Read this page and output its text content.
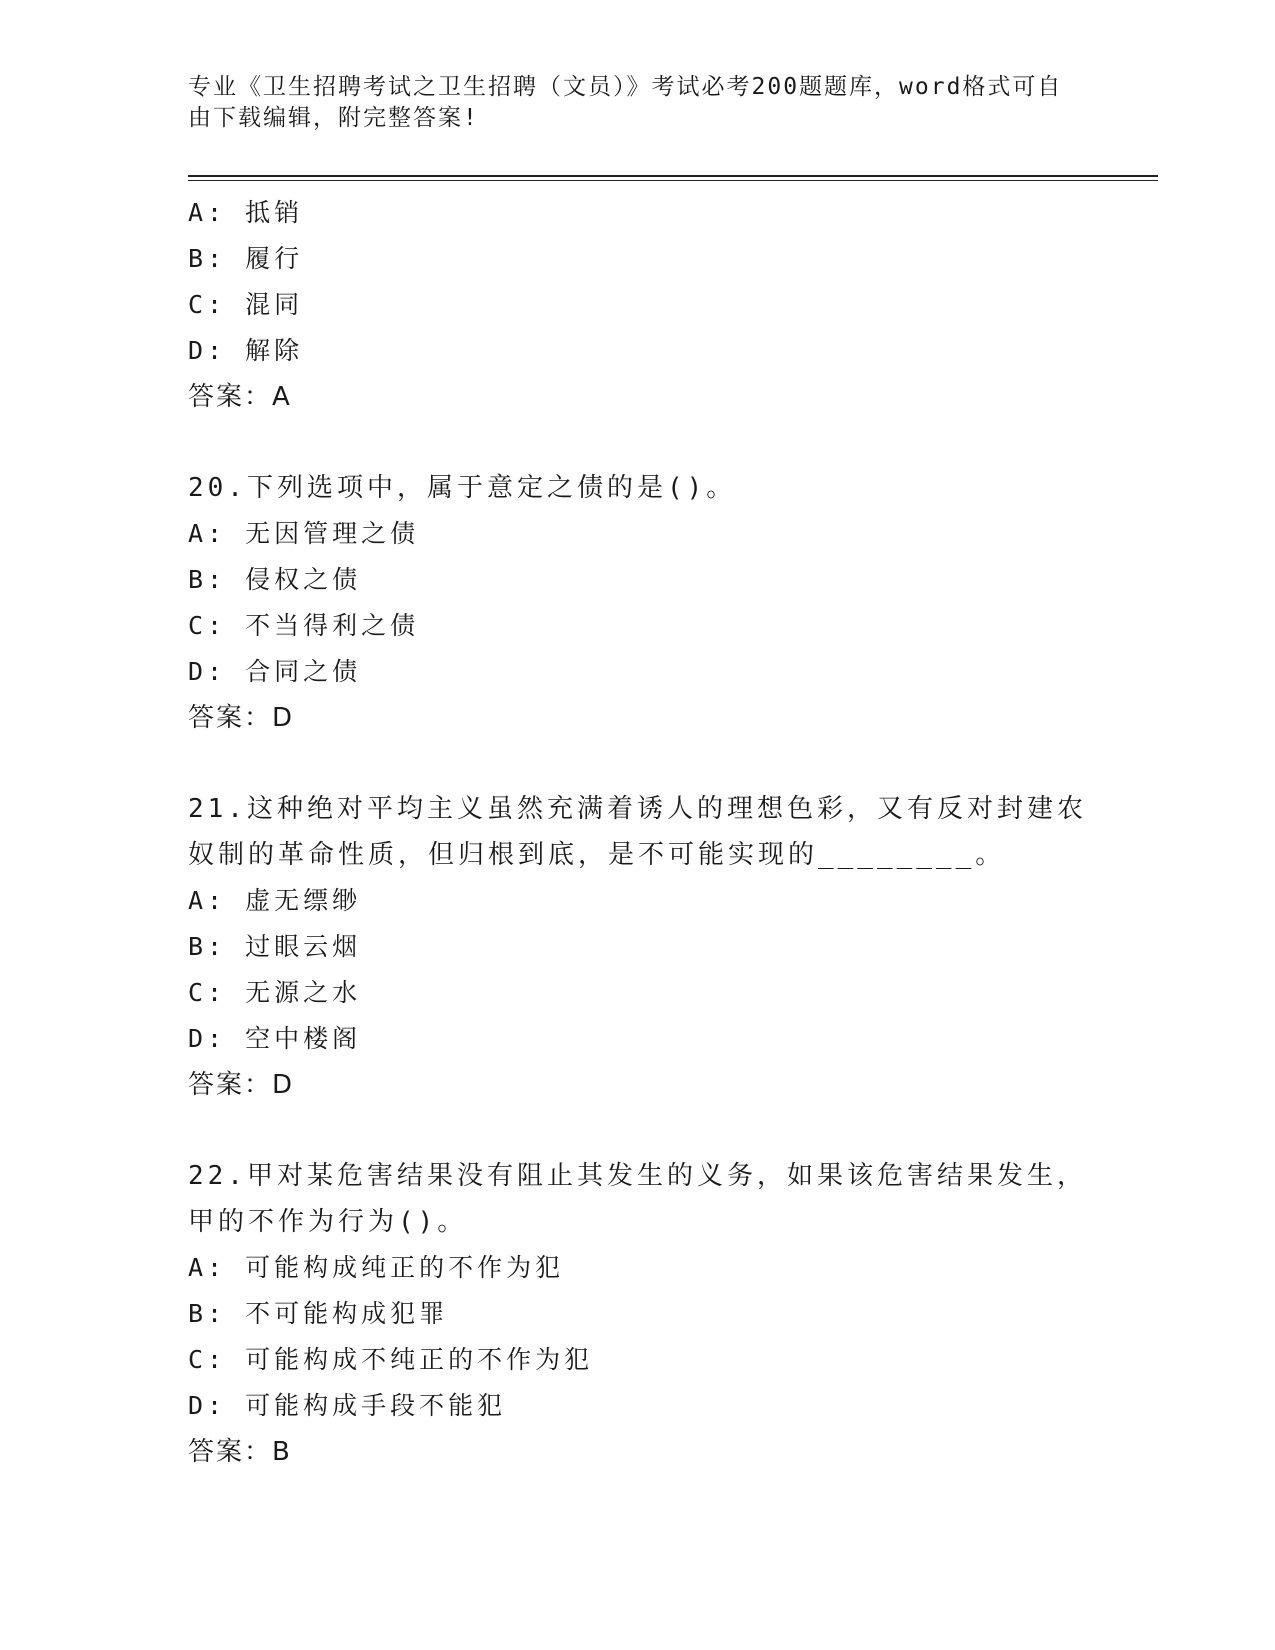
专业《卫生招聘考试之卫生招聘（文员）》考试必考200题题库，word格式可自由下载编辑，附完整答案!
A: 抵销
B: 履行
C: 混同
D: 解除
答案：A
20.下列选项中，属于意定之债的是()。
A: 无因管理之债
B: 侵权之债
C: 不当得利之债
D: 合同之债
答案：D
21.这种绝对平均主义虽然充满着诱人的理想色彩，又有反对封建农奴制的革命性质，但归根到底，是不可能实现的________。
A: 虚无缥缈
B: 过眼云烟
C: 无源之水
D: 空中楼阁
答案：D
22.甲对某危害结果没有阻止其发生的义务，如果该危害结果发生，甲的不作为行为()。
A: 可能构成纯正的不作为犯
B: 不可能构成犯罪
C: 可能构成不纯正的不作为犯
D: 可能构成手段不能犯
答案：B
